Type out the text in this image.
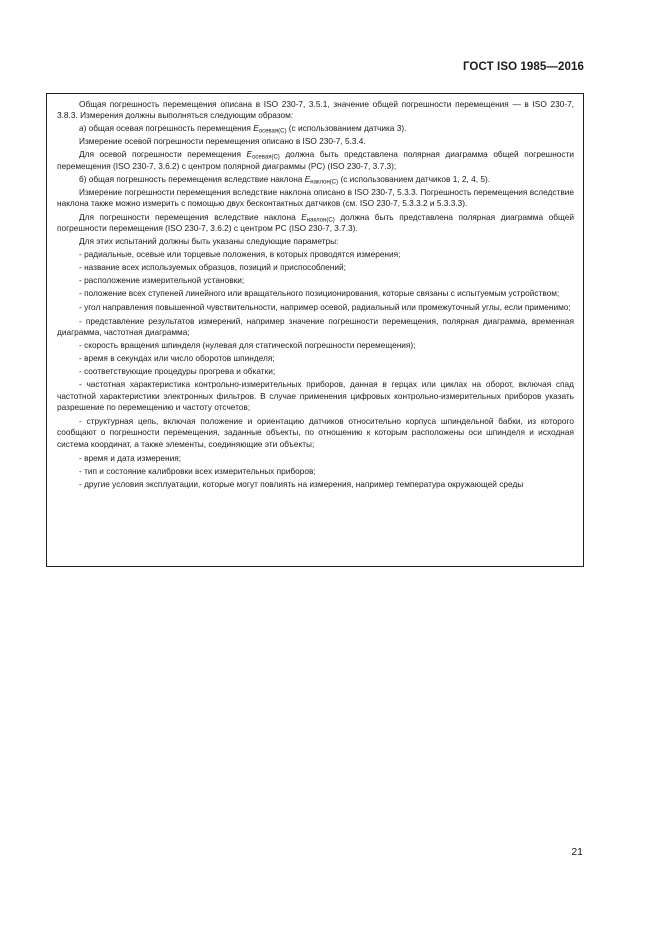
ГОСТ ISO 1985—2016

Общая погрешность перемещения описана в ISO 230-7, 3.5.1, значение общей погрешности перемещения — в ISO 230-7, 3.8.3. Измерения должны выполняться следующим образом:

а) общая осевая погрешность перемещения $E_{осевая(C)}$ (с использованием датчика 3).

Измерение осевой погрешности перемещения описано в ISO 230-7, 5.3.4.

Для осевой погрешности перемещения $E_{осевая(C)}$ должна быть представлена полярная диаграмма общей погрешности перемещения (ISO 230-7, 3.6.2) с центром полярной диаграммы (PC) (ISO 230-7, 3.7.3);

б) общая погрешность перемещения вследствие наклона $E_{наклон(C)}$ (с использованием датчиков 1, 2, 4, 5).

Измерение погрешности перемещения вследствие наклона описано в ISO 230-7, 5.3.3. Погрешность перемещения вследствие наклона также можно измерить с помощью двух бесконтактных датчиков (см. ISO 230-7, 5.3.3.2 и 5.3.3.3).

Для погрешности перемещения вследствие наклона $E_{наклон(C)}$ должна быть представлена полярная диаграмма общей погрешности перемещения (ISO 230-7, 3.6.2) с центром PC (ISO 230-7, 3.7.3).

Для этих испытаний должны быть указаны следующие параметры:

- радиальные, осевые или торцевые положения, в которых проводятся измерения;

- название всех используемых образцов, позиций и приспособлений;

- расположение измерительной установки;

- положение всех ступеней линейного или вращательного позиционирования, которые связаны с испытуемым устройством;

- угол направления повышенной чувствительности, например осевой, радиальный или промежуточный углы, если применимо;

- представление результатов измерений, например значение погрешности перемещения, полярная диаграмма, временная диаграмма, частотная диаграмма;

- скорость вращения шпинделя (нулевая для статической погрешности перемещения);

- время в секундах или число оборотов шпинделя;

- соответствующие процедуры прогрева и обкатки;

- частотная характеристика контрольно-измерительных приборов, данная в герцах или циклах на оборот, включая спад частотной характеристики электронных фильтров. В случае применения цифровых контрольно-измерительных приборов указать разрешение по перемещению и частоту отсчетов;

- структурная цепь, включая положение и ориентацию датчиков относительно корпуса шпиндельной бабки, из которого сообщают о погрешности перемещения, заданные объекты, по отношению к которым расположены оси шпинделя и исходная система координат, а также элементы, соединяющие эти объекты;

- время и дата измерения;

- тип и состояние калибровки всех измерительных приборов;

- другие условия эксплуатации, которые могут повлиять на измерения, например температура окружающей среды

21
